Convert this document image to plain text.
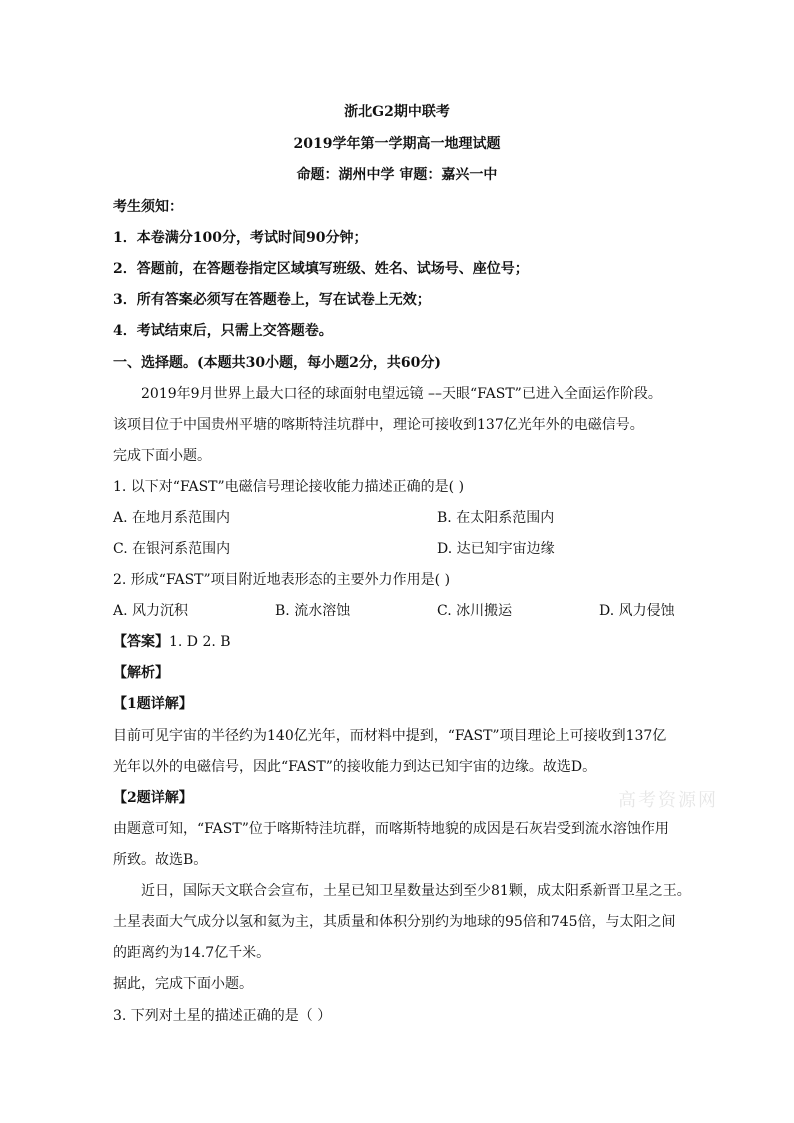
浙北G2期中联考
2019学年第一学期高一地理试题
命题：湖州中学 审题：嘉兴一中
考生须知：
1．本卷满分100分，考试时间90分钟；
2．答题前，在答题卷指定区域填写班级、姓名、试场号、座位号；
3．所有答案必须写在答题卷上，写在试卷上无效；
4．考试结束后，只需上交答题卷。
一、选择题。(本题共30小题，每小题2分，共60分)
2019年9月世界上最大口径的球面射电望远镜 ––天眼“FAST”已进入全面运作阶段。
该项目位于中国贵州平塘的喀斯特洼坑群中，理论可接收到137亿光年外的电磁信号。
完成下面小题。
1. 以下对“FAST”电磁信号理论接收能力描述正确的是( )
A. 在地月系范围内	B. 在太阳系范围内
C. 在银河系范围内	D. 达已知宇宙边缘
2. 形成“FAST”项目附近地表形态的主要外力作用是( )
A. 风力沉积	B. 流水溶蚀	C. 冰川搬运	D. 风力侵蚀
【答案】1. D 2. B
【解析】
【1题详解】
目前可见宇宙的半径约为140亿光年，而材料中提到，“FAST”项目理论上可接收到137亿
光年以外的电磁信号，因此“FAST”的接收能力到达已知宇宙的边缘。故选D。
【2题详解】
由题意可知，“FAST”位于喀斯特洼坑群，而喀斯特地貌的成因是石灰岩受到流水溶蚀作用
所致。故选B。
近日，国际天文联合会宣布，土星已知卫星数量达到至少81颗，成太阳系新晋卫星之王。
土星表面大气成分以氢和氦为主，其质量和体积分别约为地球的95倍和745倍，与太阳之间
的距离约为14.7亿千米。
据此，完成下面小题。
3. 下列对土星的描述正确的是（ ）
高考资源网
